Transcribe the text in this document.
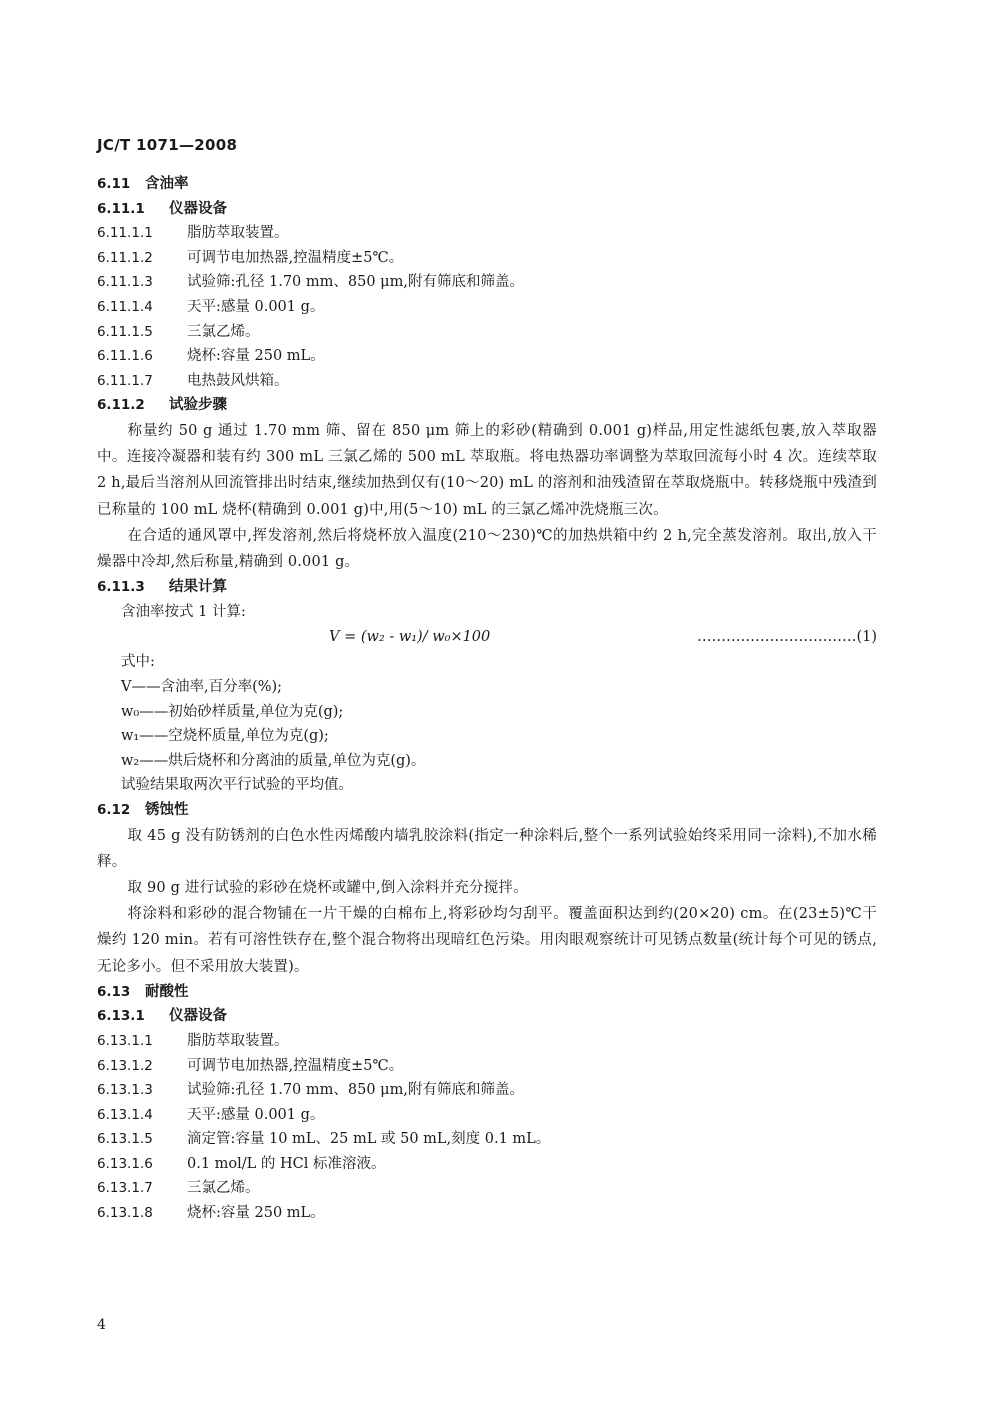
JC/T 1071—2008
6.11 含油率
6.11.1 仪器设备
6.11.1.1 脂肪萃取装置。
6.11.1.2 可调节电加热器,控温精度±5℃。
6.11.1.3 试验筛:孔径 1.70 mm、850 μm,附有筛底和筛盖。
6.11.1.4 天平:感量 0.001 g。
6.11.1.5 三氯乙烯。
6.11.1.6 烧杯:容量 250 mL。
6.11.1.7 电热鼓风烘箱。
6.11.2 试验步骤
称量约 50 g 通过 1.70 mm 筛、留在 850 μm 筛上的彩砂(精确到 0.001 g)样品,用定性滤纸包裹,放入萃取器中。连接冷凝器和装有约 300 mL 三氯乙烯的 500 mL 萃取瓶。将电热器功率调整为萃取回流每小时 4 次。连续萃取 2 h,最后当溶剂从回流管排出时结束,继续加热到仅有(10～20) mL 的溶剂和油残渣留在萃取烧瓶中。转移烧瓶中残渣到已称量的 100 mL 烧杯(精确到 0.001 g)中,用(5～10) mL 的三氯乙烯冲洗烧瓶三次。
在合适的通风罩中,挥发溶剂,然后将烧杯放入温度(210～230)℃的加热烘箱中约 2 h,完全蒸发溶剂。取出,放入干燥器中冷却,然后称量,精确到 0.001 g。
6.11.3 结果计算
含油率按式 1 计算:
V = (w₂ - w₁)/ w₀×100	……………………………(1)
式中:
V——含油率,百分率(%);
w₀——初始砂样质量,单位为克(g);
w₁——空烧杯质量,单位为克(g);
w₂——烘后烧杯和分离油的质量,单位为克(g)。
试验结果取两次平行试验的平均值。
6.12 锈蚀性
取 45 g 没有防锈剂的白色水性丙烯酸内墙乳胶涂料(指定一种涂料后,整个一系列试验始终采用同一涂料),不加水稀释。
取 90 g 进行试验的彩砂在烧杯或罐中,倒入涂料并充分搅拌。
将涂料和彩砂的混合物铺在一片干燥的白棉布上,将彩砂均匀刮平。覆盖面积达到约(20×20) cm。在(23±5)℃干燥约 120 min。若有可溶性铁存在,整个混合物将出现暗红色污染。用肉眼观察统计可见锈点数量(统计每个可见的锈点,无论多小。但不采用放大装置)。
6.13 耐酸性
6.13.1 仪器设备
6.13.1.1 脂肪萃取装置。
6.13.1.2 可调节电加热器,控温精度±5℃。
6.13.1.3 试验筛:孔径 1.70 mm、850 μm,附有筛底和筛盖。
6.13.1.4 天平:感量 0.001 g。
6.13.1.5 滴定管:容量 10 mL、25 mL 或 50 mL,刻度 0.1 mL。
6.13.1.6 0.1 mol/L 的 HCl 标准溶液。
6.13.1.7 三氯乙烯。
6.13.1.8 烧杯:容量 250 mL。
4
